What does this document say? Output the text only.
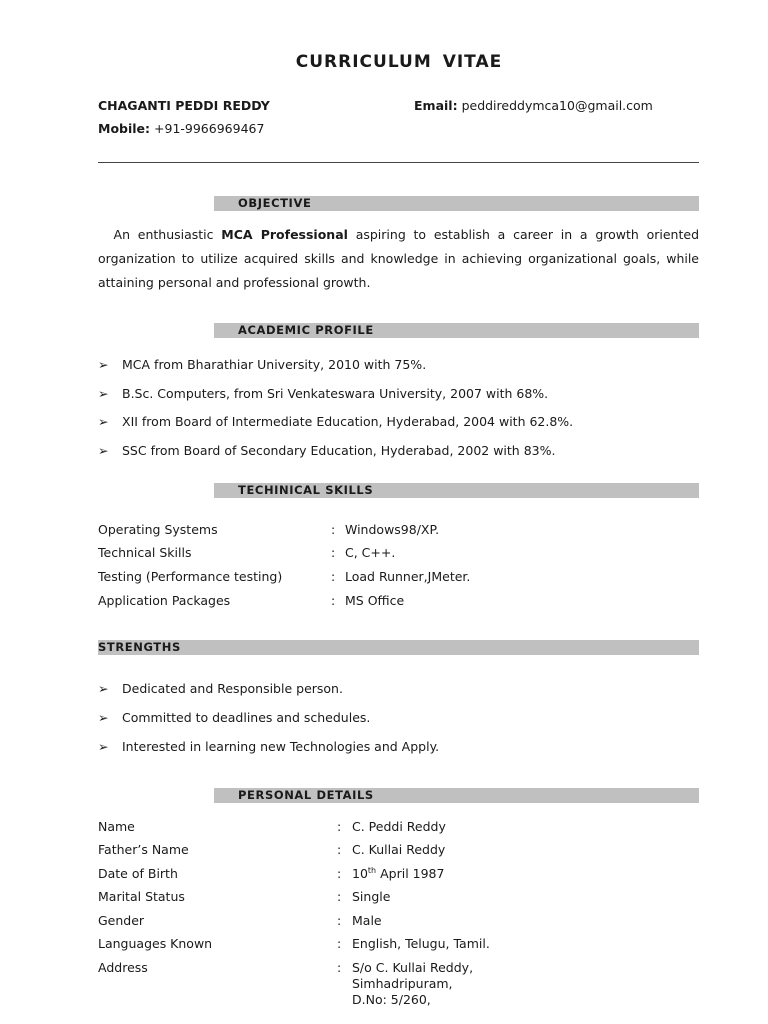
CURRICULUM VITAE
CHAGANTI PEDDI REDDY	Email: peddireddymca10@gmail.com
Mobile: +91-9966969467
OBJECTIVE
An enthusiastic MCA Professional aspiring to establish a career in a growth oriented organization to utilize acquired skills and knowledge in achieving organizational goals, while attaining personal and professional growth.
ACADEMIC PROFILE
➢ MCA from Bharathiar University, 2010 with 75%.
➢ B.Sc. Computers, from Sri Venkateswara University, 2007 with 68%.
➢ XII from Board of Intermediate Education, Hyderabad, 2004 with 62.8%.
➢ SSC from Board of Secondary Education, Hyderabad, 2002 with 83%.
TECHINICAL SKILLS
Operating Systems	: Windows98/XP.
Technical Skills	: C, C++.
Testing (Performance testing)	: Load Runner,JMeter.
Application Packages	: MS Office
STRENGTHS
➢ Dedicated and Responsible person.
➢ Committed to deadlines and schedules.
➢ Interested in learning new Technologies and Apply.
PERSONAL DETAILS
Name	: C. Peddi Reddy
Father’s Name	: C. Kullai Reddy
Date of Birth	: 10th April 1987
Marital Status	: Single
Gender	: Male
Languages Known	: English, Telugu, Tamil.
Address	: S/o C. Kullai Reddy,
Simhadripuram,
D.No: 5/260,
